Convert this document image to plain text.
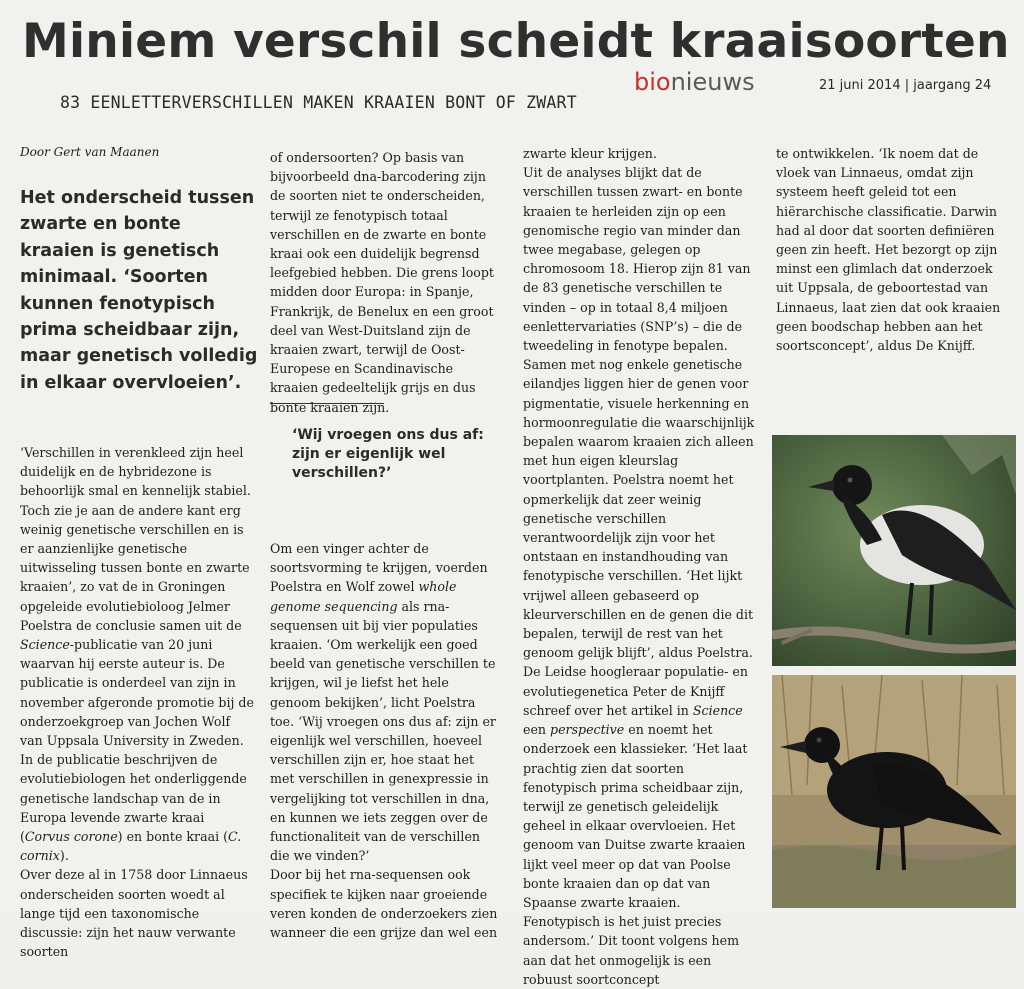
Miniem verschil scheidt kraaisoorten
bionieuws	21 juni 2014 | jaargang 24
83 EENLETTERVERSCHILLEN MAKEN KRAAIEN BONT OF ZWART
Door Gert van Maanen
Het onderscheid tussen zwarte en bonte kraaien is genetisch minimaal. ‘Soorten kunnen fenotypisch prima scheidbaar zijn, maar genetisch volledig in elkaar overvloeien’.

‘Verschillen in verenkleed zijn heel duidelijk en de hybridezone is behoorlijk smal en kennelijk stabiel. Toch zie je aan de andere kant erg weinig genetische verschillen en is er aanzienlijke genetische uitwisseling tussen bonte en zwarte kraaien’, zo vat de in Groningen opgeleide evolutiebioloog Jelmer Poelstra de conclusie samen uit de Science-publicatie van 20 juni waarvan hij eerste auteur is. De publicatie is onderdeel van zijn in november afgeronde promotie bij de onderzoekgroep van Jochen Wolf van Uppsala University in Zweden. In de publicatie beschrijven de evolutiebiologen het onderliggende genetische landschap van de in Europa levende zwarte kraai (Corvus corone) en bonte kraai (C. cornix).

Over deze al in 1758 door Linnaeus onderscheiden soorten woedt al lange tijd een taxonomische discussie: zijn het nauw verwante soorten

of ondersoorten? Op basis van bijvoorbeeld dna-barcodering zijn de soorten niet te onderscheiden, terwijl ze fenotypisch totaal verschillen en de zwarte en bonte kraai ook een duidelijk begrensd leefgebied hebben. Die grens loopt midden door Europa: in Spanje, Frankrijk, de Benelux en een groot deel van West-Duitsland zijn de kraaien zwart, terwijl de Oost-Europese en Scandinavische kraaien gedeeltelijk grijs en dus bonte kraaien zijn.

‘Wij vroegen ons dus af: zijn er eigenlijk wel verschillen?’

Om een vinger achter de soortsvorming te krijgen, voerden Poelstra en Wolf zowel whole genome sequencing als rna-sequensen uit bij vier populaties kraaien. ‘Om werkelijk een goed beeld van genetische verschillen te krijgen, wil je liefst het hele genoom bekijken’, licht Poelstra toe. ‘Wij vroegen ons dus af: zijn er eigenlijk wel verschillen, hoeveel verschillen zijn er, hoe staat het met verschillen in genexpressie in vergelijking tot verschillen in dna, en kunnen we iets zeggen over de functionaliteit van de verschillen die we vinden?’

Door bij het rna-sequensen ook specifiek te kijken naar groeiende veren konden de onderzoekers zien wanneer die een grijze dan wel een

zwarte kleur krijgen.

Uit de analyses blijkt dat de verschillen tussen zwart- en bonte kraaien te herleiden zijn op een genomische regio van minder dan twee megabase, gelegen op chromosoom 18. Hierop zijn 81 van de 83 genetische verschillen te vinden – op in totaal 8,4 miljoen eenlettervariaties (SNP’s) – die de tweedeling in fenotype bepalen. Samen met nog enkele genetische eilandjes liggen hier de genen voor pigmentatie, visuele herkenning en hormoonregulatie die waarschijnlijk bepalen waarom kraaien zich alleen met hun eigen kleurslag voortplanten. Poelstra noemt het opmerkelijk dat zeer weinig genetische verschillen verantwoordelijk zijn voor het ontstaan en instandhouding van fenotypische verschillen. ‘Het lijkt vrijwel alleen gebaseerd op kleurverschillen en de genen die dit bepalen, terwijl de rest van het genoom gelijk blijft’, aldus Poelstra.

De Leidse hoogleraar populatie- en evolutiegenetica Peter de Knijff schreef over het artikel in Science een perspective en noemt het onderzoek een klassieker. ‘Het laat prachtig zien dat soorten fenotypisch prima scheidbaar zijn, terwijl ze genetisch geleidelijk geheel in elkaar overvloeien. Het genoom van Duitse zwarte kraaien lijkt veel meer op dat van Poolse bonte kraaien dan op dat van Spaanse zwarte kraaien. Fenotypisch is het juist precies andersom.’ Dit toont volgens hem aan dat het onmogelijk is een robuust soortconcept

te ontwikkelen. ‘Ik noem dat de vloek van Linnaeus, omdat zijn systeem heeft geleid tot een hiërarchische classificatie. Darwin had al door dat soorten definiëren geen zin heeft. Het bezorgt op zijn minst een glimlach dat onderzoek uit Uppsala, de geboortestad van Linnaeus, laat zien dat ook kraaien geen boodschap hebben aan het soortsconcept’, aldus De Knijff.
